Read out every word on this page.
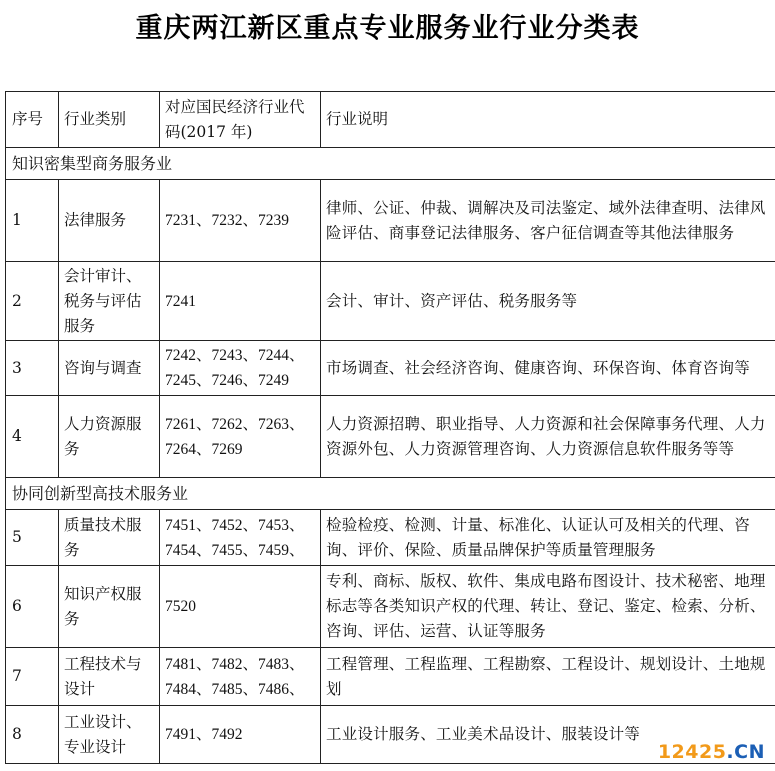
重庆两江新区重点专业服务业行业分类表
序号	行业类别	对应国民经济行业代码(2017 年)	行业说明
知识密集型商务服务业			
1	法律服务	7231、7232、7239	律师、公证、仲裁、调解决及司法鉴定、域外法律查明、法律风险评估、商事登记法律服务、客户征信调查等其他法律服务
2	会计审计、税务与评估服务	7241	会计、审计、资产评估、税务服务等
3	咨询与调查	7242、7243、7244、7245、7246、7249	市场调查、社会经济咨询、健康咨询、环保咨询、体育咨询等
4	人力资源服务	7261、7262、7263、7264、7269	人力资源招聘、职业指导、人力资源和社会保障事务代理、人力资源外包、人力资源管理咨询、人力资源信息软件服务等等
协同创新型高技术服务业			
5	质量技术服务	7451、7452、7453、7454、7455、7459、	检验检疫、检测、计量、标准化、认证认可及相关的代理、咨询、评价、保险、质量品牌保护等质量管理服务
6	知识产权服务	7520	专利、商标、版权、软件、集成电路布图设计、技术秘密、地理标志等各类知识产权的代理、转让、登记、鉴定、检索、分析、咨询、评估、运营、认证等服务
7	工程技术与设计	7481、7482、7483、7484、7485、7486、	工程管理、工程监理、工程勘察、工程设计、规划设计、土地规划
8	工业设计、专业设计	7491、7492	工业设计服务、工业美术品设计、服装设计等
12425.CN
